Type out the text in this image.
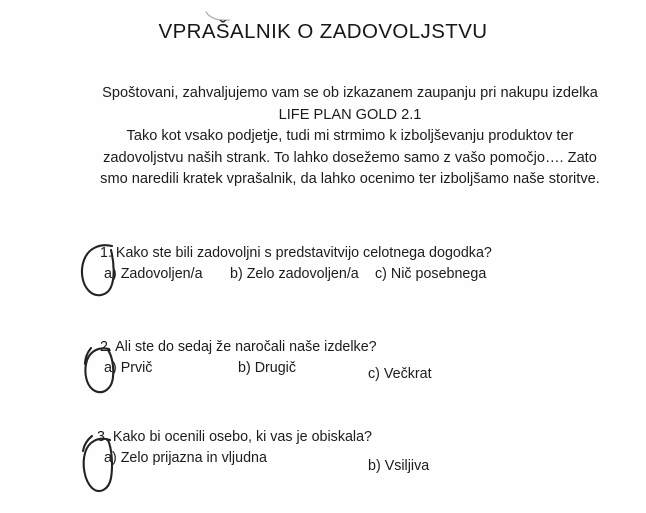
VPRAŠALNIK O ZADOVOLJSTVU
Spoštovani, zahvaljujemo vam se ob izkazanem zaupanju pri nakupu izdelka
LIFE PLAN GOLD 2.1
Tako kot vsako podjetje, tudi mi strmimo k izboljševanju produktov ter
zadovoljstvu naših strank. To lahko dosežemo samo z vašo pomočjo…. Zato
smo naredili kratek vprašalnik, da lahko ocenimo ter izboljšamo naše storitve.
1. Kako ste bili zadovoljni s predstavitvijo celotnega dogodka?
a) Zadovoljen/a b) Zelo zadovoljen/a c) Nič posebnega
2. Ali ste do sedaj že naročali naše izdelke?
a) Prvič	b) Drugič	c) Večkrat
3. Kako bi ocenili osebo, ki vas je obiskala?
a) Zelo prijazna in vljudna	b) Vsiljiva
